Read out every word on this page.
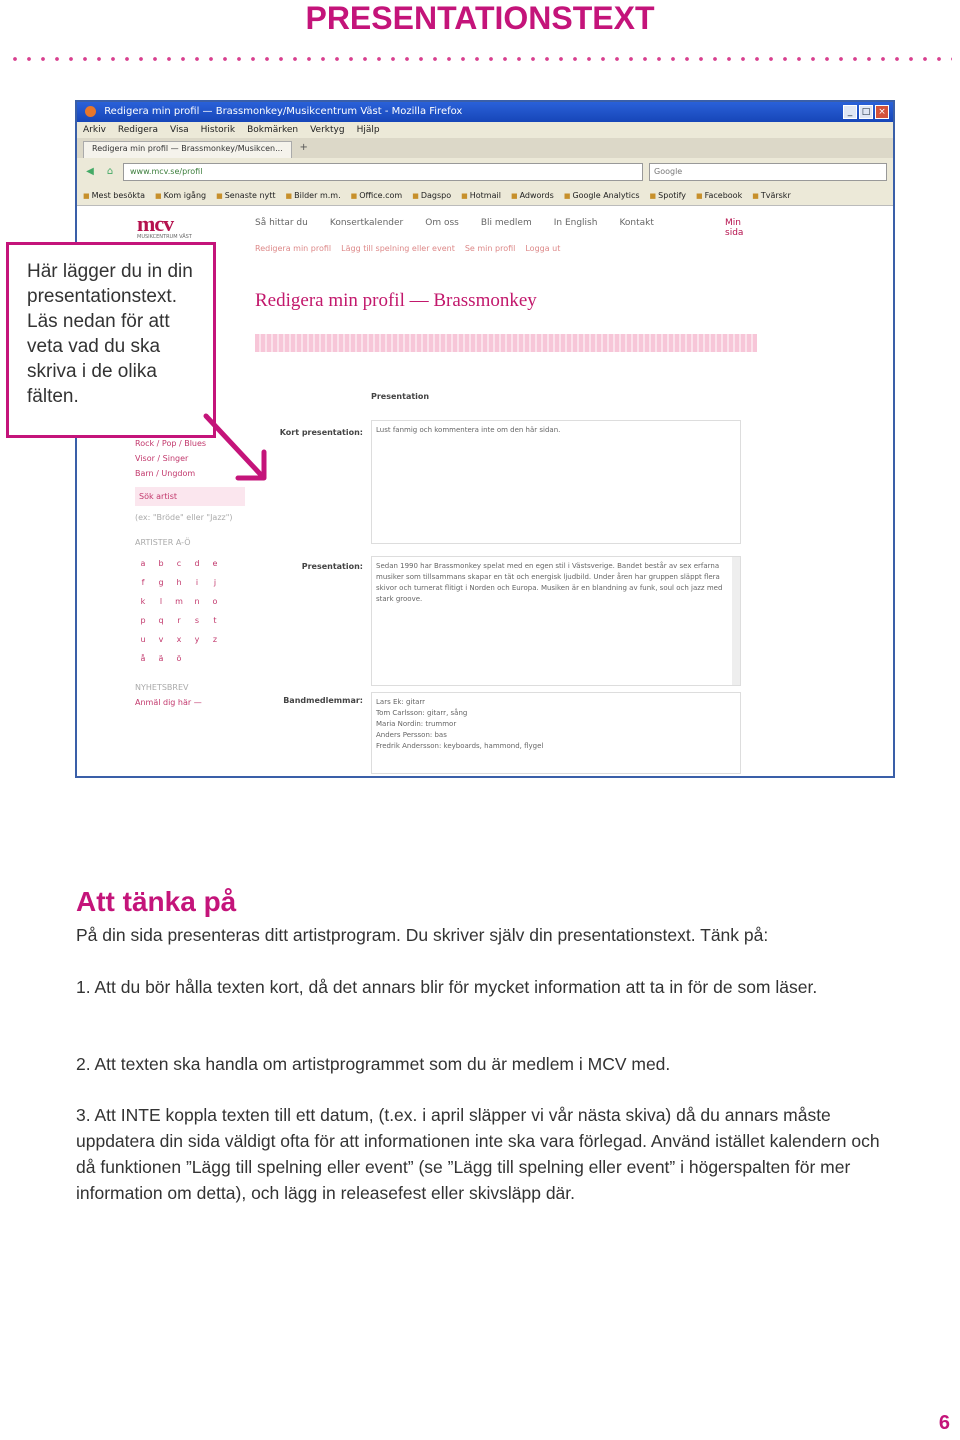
PRESENTATIONSTEXT
Redigera min profil — Brassmonkey/Musikcentrum Väst - Mozilla Firefox	_	□ ×
Arkiv Redigera Visa Historik Bokmärken Verktyg Hjälp
Redigera min profil — Brassmonkey/Musikcen...	+
◀	⌂	www.mcv.se/profil	Google
■ Mest besökta	■ Kom igång	■ Senaste nytt	■ Bilder m.m.	■ Office.com	■ Dagspo	■ Hotmail	■ Adwords	■ Google Analytics	■ Spotify	■ Facebook	■ Tvärskr
mcv
MUSIKCENTRUM VÄST
Så hittar du Konsertkalender Om oss Bli medlem In English Kontakt	Min sida
Redigera min profil Lägg till spelning eller event Se min profil Logga ut
Redigera min profil — Brassmonkey
Presentation
Kort presentation:	Lust fanmig och kommentera inte om den här sidan.
Presentation:	Sedan 1990 har Brassmonkey spelat med en egen stil i Västsverige. Bandet består av sex erfarna musiker som tillsammans skapar en tät och energisk ljudbild. Under åren har gruppen släppt flera skivor och turnerat flitigt i Norden och Europa. Musiken är en blandning av funk, soul och jazz med stark groove.
Bandmedlemmar:	Lars Ek: gitarr
Tom Carlsson: gitarr, sång
Maria Nordin: trummor
Anders Persson: bas
Fredrik Andersson: keyboards, hammond, flygel
Rock / Pop / Blues
Visor / Singer
Barn / Ungdom
Sök artist
(ex: "Bröde" eller "Jazz")
ARTISTER A-Ö
a	b	c	d	e
f	g	h	i	j
k	l	m	n	o
p	q	r	s	t
u	v	x	y	z
å	ä	ö
NYHETSBREV
Anmäl dig här —

Här lägger du in din
presentationstext.
Läs nedan för att
veta vad du ska
skriva i de olika
fälten.

Att tänka på
På din sida presenteras ditt artistprogram. Du skriver själv din presentationstext. Tänk på:
1. Att du bör hålla texten kort, då det annars blir för mycket information att ta in för de som läser.
2. Att texten ska handla om artistprogrammet som du är medlem i MCV med.
3. Att INTE koppla texten till ett datum, (t.ex. i april släpper vi vår nästa skiva) då du annars måste uppdatera din sida väldigt ofta för att informationen inte ska vara förlegad. Använd istället kalendern och då funktionen ”Lägg till spelning eller event” (se ”Lägg till spelning eller event” i högerspalten för mer information om detta), och lägg in releasefest eller skivsläpp där.
6
